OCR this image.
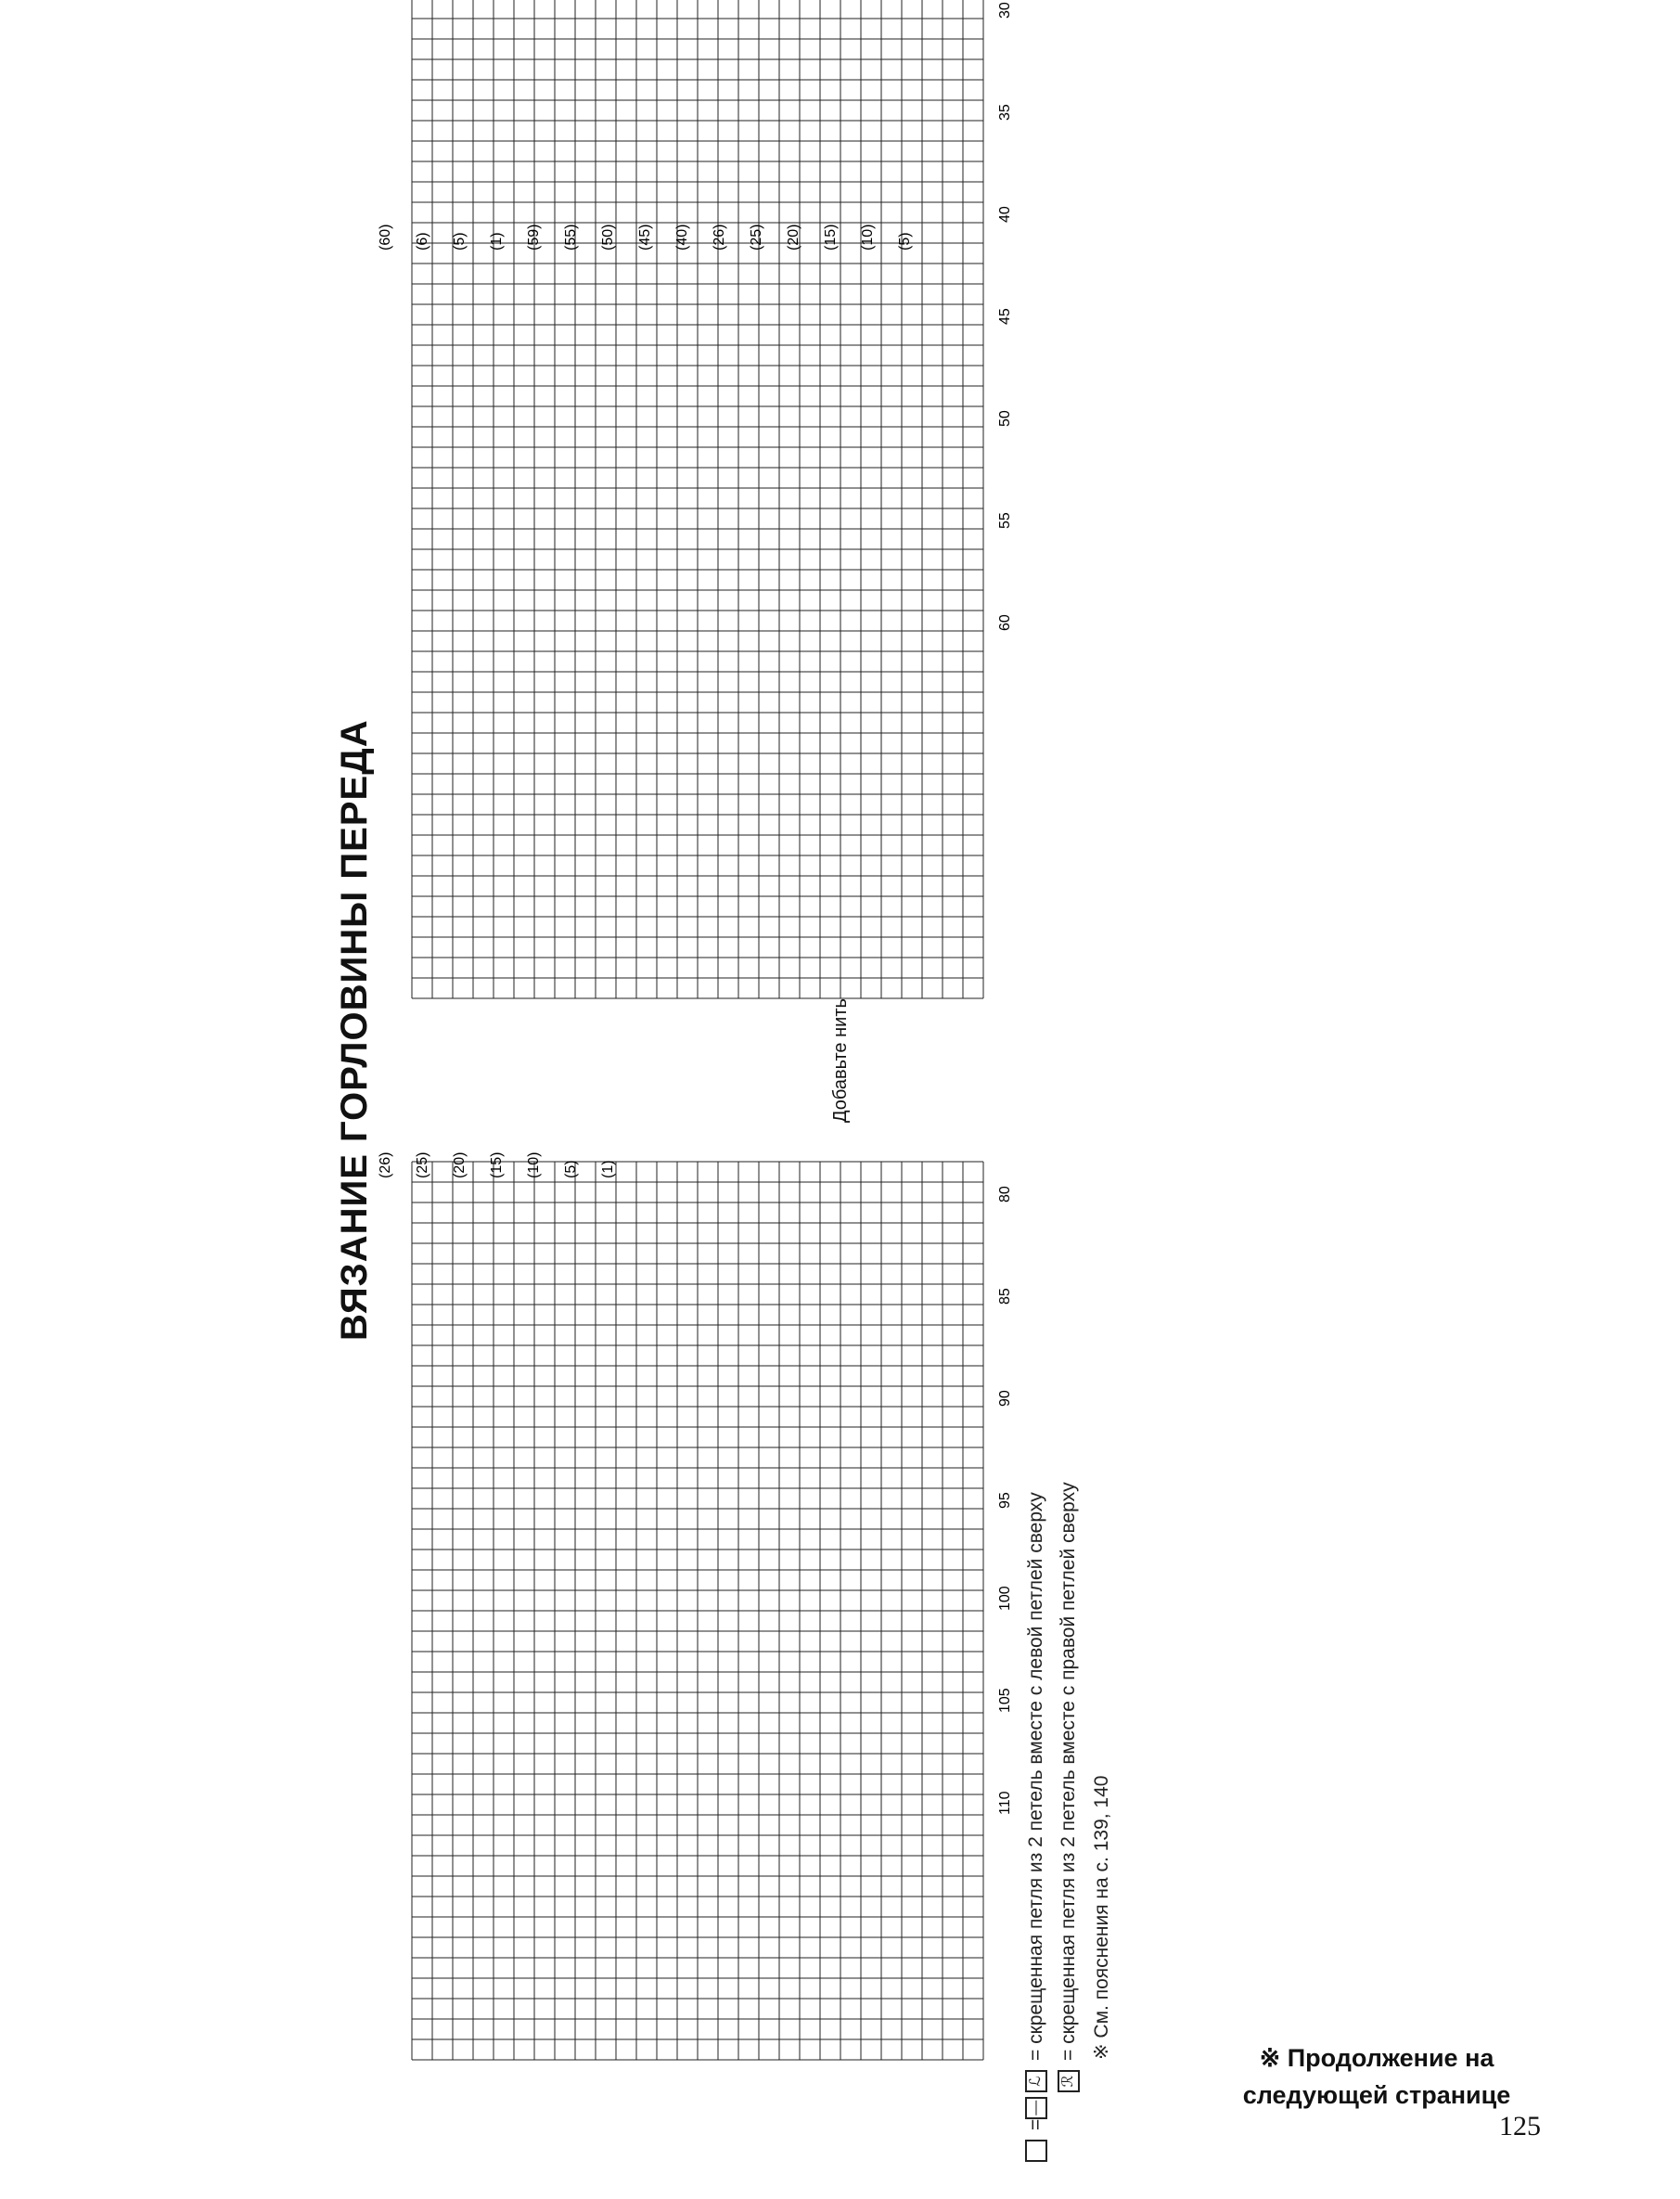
ВЯЗАНИЕ ГОРЛОВИНЫ ПЕРЕДА
30
35
40
45
50
55
60
80
85
90
95
100
105
110
(60) (6) (5) (1) (59) (55) (50) (45) (40) (26) (25) (20) (15) (10) (5)
(26) (25) (20) (15) (10) (5) (1)
ℒ= скрещенная петля из 2 петель вместе с левой петлей сверху
ℛ= скрещенная петля из 2 петель вместе с правой петлей сверху ※ См. пояснения на с. 139, 140
=—
Добавьте нить
※ Продолжение на следующей странице
125
